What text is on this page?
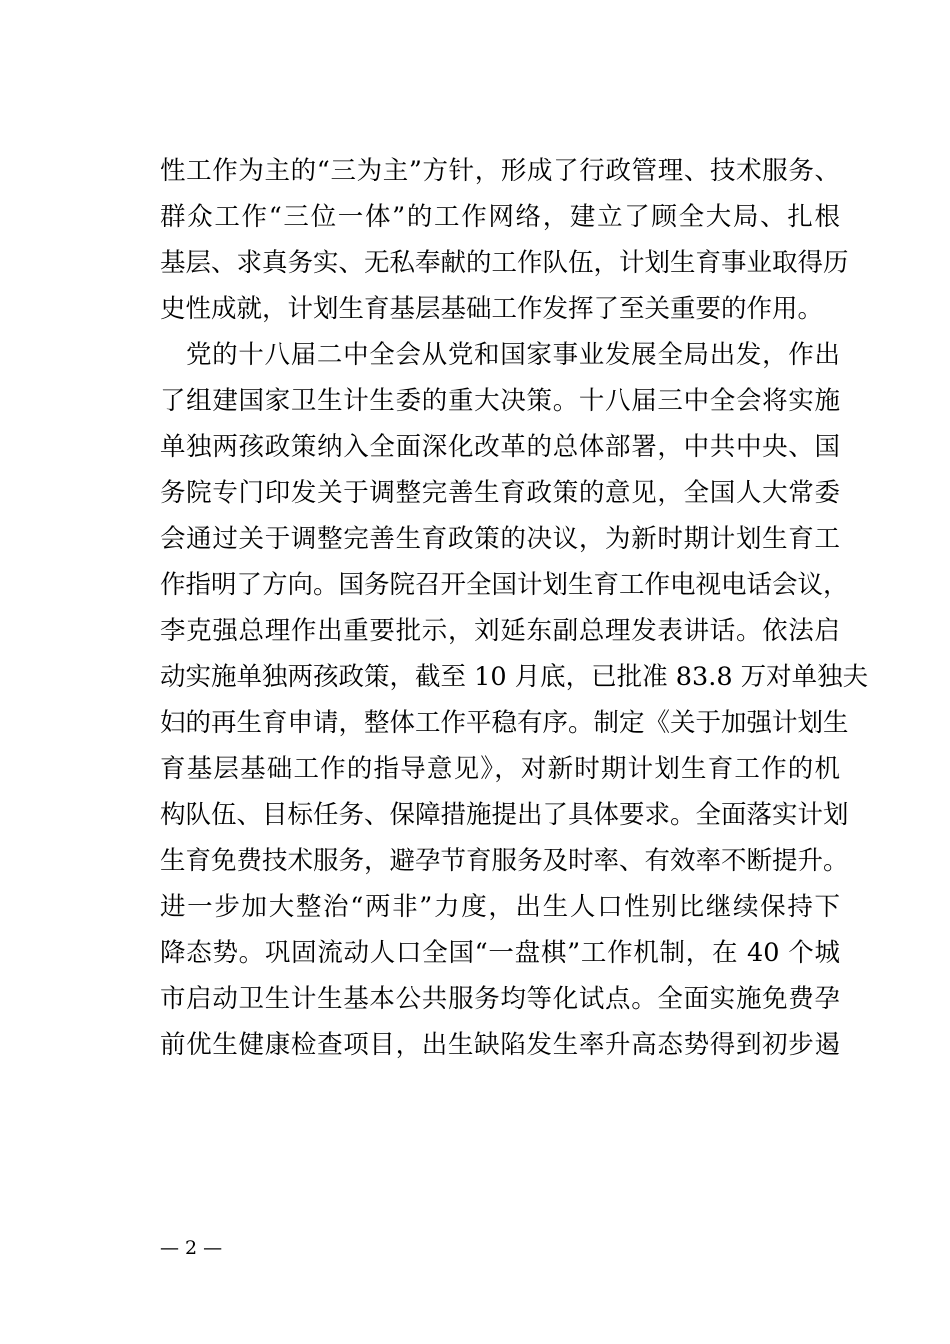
性工作为主的“三为主”方针，形成了行政管理、技术服务、
群众工作“三位一体”的工作网络，建立了顾全大局、扎根
基层、求真务实、无私奉献的工作队伍，计划生育事业取得历
史性成就，计划生育基层基础工作发挥了至关重要的作用。
党的十八届二中全会从党和国家事业发展全局出发，作出
了组建国家卫生计生委的重大决策。十八届三中全会将实施
单独两孩政策纳入全面深化改革的总体部署，中共中央、国
务院专门印发关于调整完善生育政策的意见，全国人大常委
会通过关于调整完善生育政策的决议，为新时期计划生育工
作指明了方向。国务院召开全国计划生育工作电视电话会议，
李克强总理作出重要批示，刘延东副总理发表讲话。依法启
动实施单独两孩政策，截至 10 月底，已批准 83.8 万对单独夫
妇的再生育申请，整体工作平稳有序。制定《关于加强计划生
育基层基础工作的指导意见》，对新时期计划生育工作的机
构队伍、目标任务、保障措施提出了具体要求。全面落实计划
生育免费技术服务，避孕节育服务及时率、有效率不断提升。
进一步加大整治“两非”力度，出生人口性别比继续保持下
降态势。巩固流动人口全国“一盘棋”工作机制，在 40 个城
市启动卫生计生基本公共服务均等化试点。全面实施免费孕
前优生健康检查项目，出生缺陷发生率升高态势得到初步遏
— 2 —
